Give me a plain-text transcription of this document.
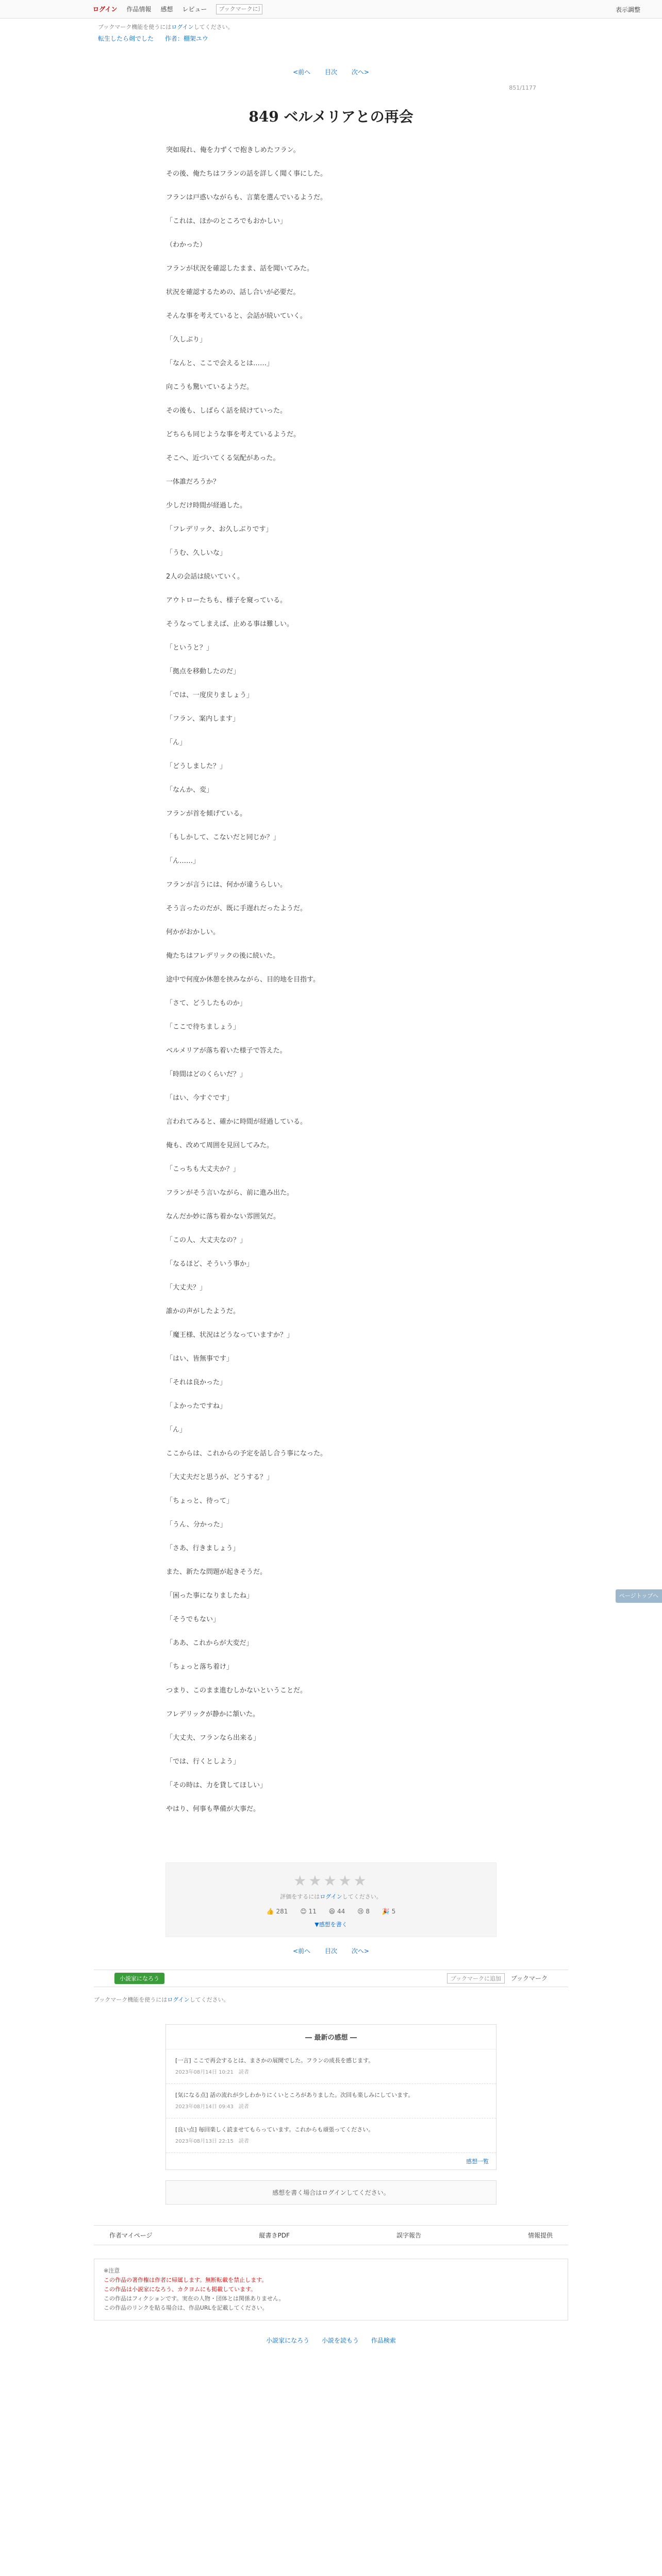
ログイン 作品情報 感想 レビュー
ブックマークに追加	表示調整
ブックマーク機能を使うにはログインしてください。
転生したら剣でした 作者：棚架ユウ
<前へ 目次 次へ>
851/1177
849 ベルメリアとの再会

突如現れ、俺を力ずくで抱きしめたフラン。

その後、俺たちはフランの話を詳しく聞く事にした。

フランは戸惑いながらも、言葉を選んでいるようだ。

「これは、ほかのところでもおかしい」

（わかった）

フランが状況を確認したまま、話を聞いてみた。

状況を確認するための、話し合いが必要だ。

そんな事を考えていると、会話が続いていく。

「久しぶり」

「なんと、ここで会えるとは……」

向こうも驚いているようだ。

その後も、しばらく話を続けていった。

どちらも同じような事を考えているようだ。

そこへ、近づいてくる気配があった。

一体誰だろうか？

少しだけ時間が経過した。

「フレデリック、お久しぶりです」

「うむ、久しいな」

2人の会話は続いていく。

アウトローたちも、様子を窺っている。

そうなってしまえば、止める事は難しい。

「というと？」

「拠点を移動したのだ」

「では、一度戻りましょう」

「フラン、案内します」

「ん」

「どうしました？」

「なんか、変」

フランが首を傾げている。

「もしかして、こないだと同じか？」

「ん……」

フランが言うには、何かが違うらしい。

そう言ったのだが、既に手遅れだったようだ。

何かがおかしい。

俺たちはフレデリックの後に続いた。

途中で何度か休憩を挟みながら、目的地を目指す。

「さて、どうしたものか」

「ここで待ちましょう」

ベルメリアが落ち着いた様子で答えた。

「時間はどのくらいだ？」

「はい、今すぐです」

言われてみると、確かに時間が経過している。

俺も、改めて周囲を見回してみた。

「こっちも大丈夫か？」

フランがそう言いながら、前に進み出た。

なんだか妙に落ち着かない雰囲気だ。

「この人、大丈夫なの？」

「なるほど、そういう事か」

「大丈夫？」

誰かの声がしたようだ。

「魔王様、状況はどうなっていますか？」

「はい、皆無事です」

「それは良かった」

「よかったですね」

「ん」

ここからは、これからの予定を話し合う事になった。

「大丈夫だと思うが、どうする？」

「ちょっと、待って」

「うん、分かった」

「さあ、行きましょう」

また、新たな問題が起きそうだ。

「困った事になりましたね」

「そうでもない」

「ああ、これからが大変だ」

「ちょっと落ち着け」

つまり、このまま進むしかないということだ。

フレデリックが静かに頷いた。

「大丈夫、フランなら出来る」

「では、行くとしよう」

「その時は、力を貸してほしい」

やはり、何事も準備が大事だ。

★★★★★
評価をするにはログインしてください。
👍 281 😊 11 😆 44 😢 8 🎉 5
▼感想を書く
<前へ 目次 次へ>
小説家になろう	ブックマークに追加 ブックマーク
ブックマーク機能を使うにはログインしてください。
― 最新の感想 ―
[一言] ここで再会するとは、まさかの展開でした。フランの成長を感じます。
2023年08月14日 10:21 読者
[気になる点] 話の流れが少しわかりにくいところがありました。次回も楽しみにしています。
2023年08月14日 09:43 読者
[良い点] 毎回楽しく読ませてもらっています。これからも頑張ってください。
2023年08月13日 22:15 読者
感想一覧
感想を書く場合はログインしてください。
作者マイページ	縦書きPDF	誤字報告	情報提供
※注意
この作品の著作権は作者に帰属します。無断転載を禁止します。
この作品は小説家になろう、カクヨムにも掲載しています。
この作品はフィクションです。実在の人物・団体とは関係ありません。
この作品のリンクを貼る場合は、作品URLを記載してください。
小説家になろう 小説を読もう 作品検索
ページトップへ
